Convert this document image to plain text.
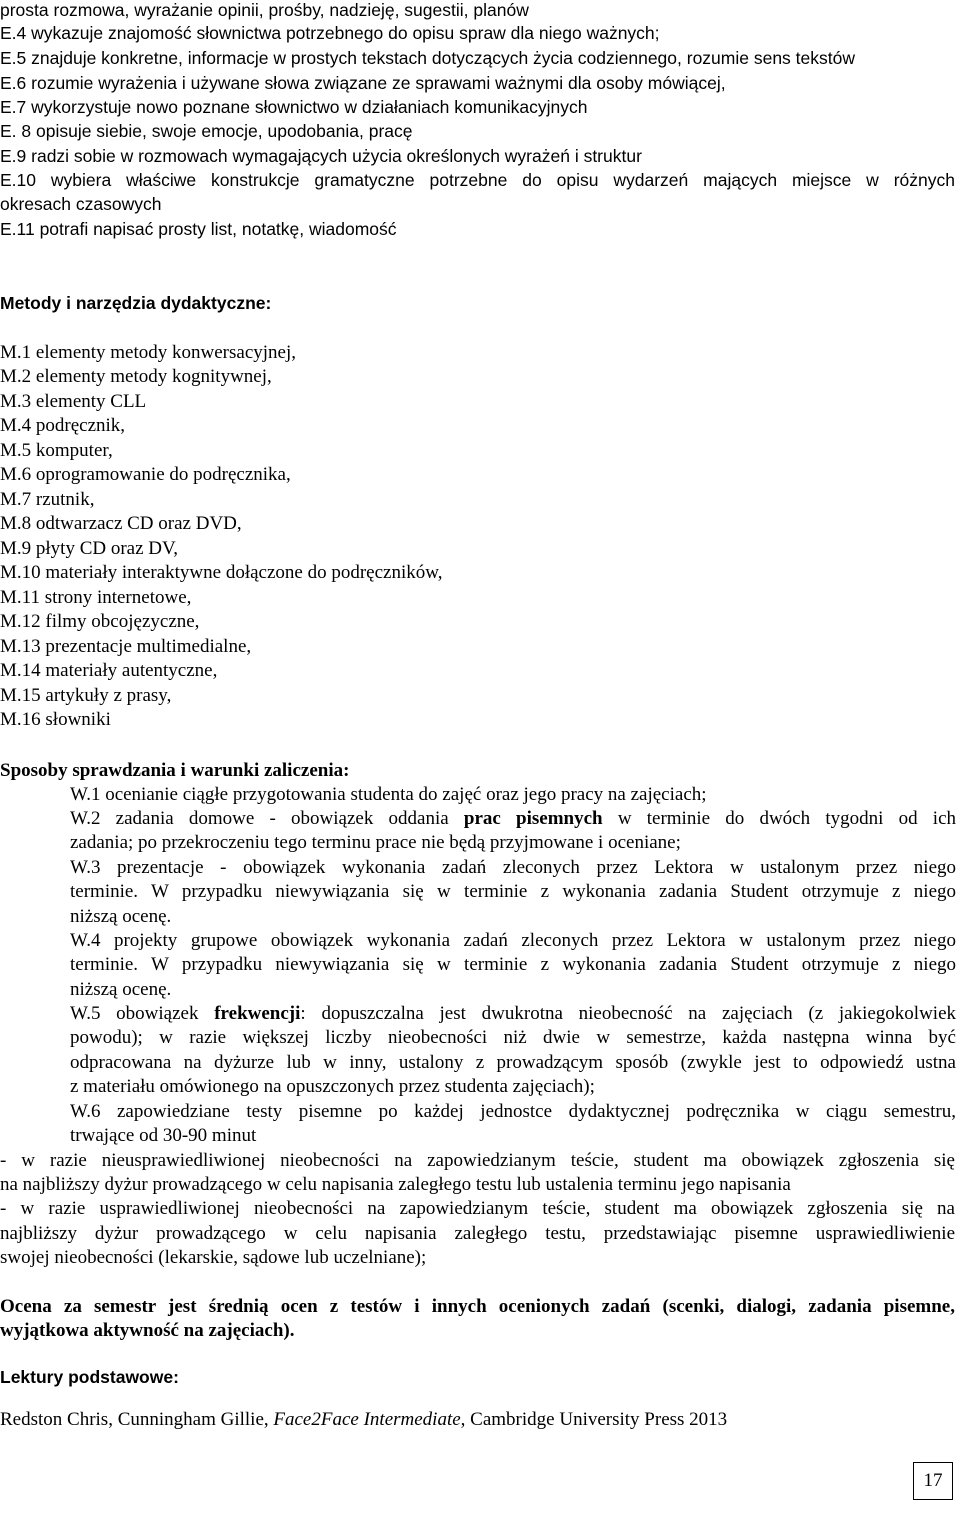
prosta rozmowa, wyrażanie opinii, prośby, nadzieję, sugestii, planów
E.4 wykazuje znajomość słownictwa potrzebnego do opisu spraw dla niego ważnych;
E.5 znajduje konkretne, informacje w prostych tekstach dotyczących życia codziennego, rozumie sens tekstów
E.6 rozumie wyrażenia i używane słowa związane ze sprawami ważnymi dla osoby mówiącej,
E.7 wykorzystuje nowo poznane słownictwo w działaniach komunikacyjnych
E. 8 opisuje siebie, swoje emocje, upodobania, pracę
E.9 radzi sobie w rozmowach wymagających użycia określonych wyrażeń i struktur
E.10 wybiera właściwe konstrukcje gramatyczne potrzebne do opisu wydarzeń mających miejsce w różnych
okresach czasowych
E.11 potrafi napisać prosty list, notatkę, wiadomość
Metody i narzędzia dydaktyczne:
M.1 elementy metody konwersacyjnej,
M.2 elementy metody kognitywnej,
M.3 elementy CLL
M.4 podręcznik,
M.5 komputer,
M.6 oprogramowanie do podręcznika,
M.7 rzutnik,
M.8 odtwarzacz CD oraz DVD,
M.9 płyty CD oraz DV,
M.10 materiały interaktywne dołączone do podręczników,
M.11 strony internetowe,
M.12 filmy obcojęzyczne,
M.13 prezentacje multimedialne,
M.14 materiały autentyczne,
M.15 artykuły z prasy,
M.16 słowniki
Sposoby sprawdzania i warunki zaliczenia:
W.1 ocenianie ciągłe przygotowania studenta do zajęć oraz jego pracy na zajęciach;
W.2 zadania domowe - obowiązek oddania prac pisemnych w terminie do dwóch tygodni od ich
zadania; po przekroczeniu tego terminu prace nie będą przyjmowane i oceniane;
W.3 prezentacje - obowiązek wykonania zadań zleconych przez Lektora w ustalonym przez niego
terminie. W przypadku niewywiązania się w terminie z wykonania zadania Student otrzymuje z niego
niższą ocenę.
W.4 projekty grupowe obowiązek wykonania zadań zleconych przez Lektora w ustalonym przez niego
terminie. W przypadku niewywiązania się w terminie z wykonania zadania Student otrzymuje z niego
niższą ocenę.
W.5 obowiązek frekwencji: dopuszczalna jest dwukrotna nieobecność na zajęciach (z jakiegokolwiek
powodu); w razie większej liczby nieobecności niż dwie w semestrze, każda następna winna być
odpracowana na dyżurze lub w inny, ustalony z prowadzącym sposób (zwykle jest to odpowiedź ustna
z materiału omówionego na opuszczonych przez studenta zajęciach);
W.6 zapowiedziane testy pisemne po każdej jednostce dydaktycznej podręcznika w ciągu semestru,
trwające od 30-90 minut
- w razie nieusprawiedliwionej nieobecności na zapowiedzianym teście, student ma obowiązek zgłoszenia się
na najbliższy dyżur prowadzącego w celu napisania zaległego testu lub ustalenia terminu jego napisania
- w razie usprawiedliwionej nieobecności na zapowiedzianym teście, student ma obowiązek zgłoszenia się na
najbliższy dyżur prowadzącego w celu napisania zaległego testu, przedstawiając pisemne usprawiedliwienie
swojej nieobecności (lekarskie, sądowe lub uczelniane);
Ocena za semestr jest średnią ocen z testów i innych ocenionych zadań (scenki, dialogi, zadania pisemne,
wyjątkowa aktywność na zajęciach).
Lektury podstawowe:
Redston Chris, Cunningham Gillie, Face2Face Intermediate, Cambridge University Press 2013
17
